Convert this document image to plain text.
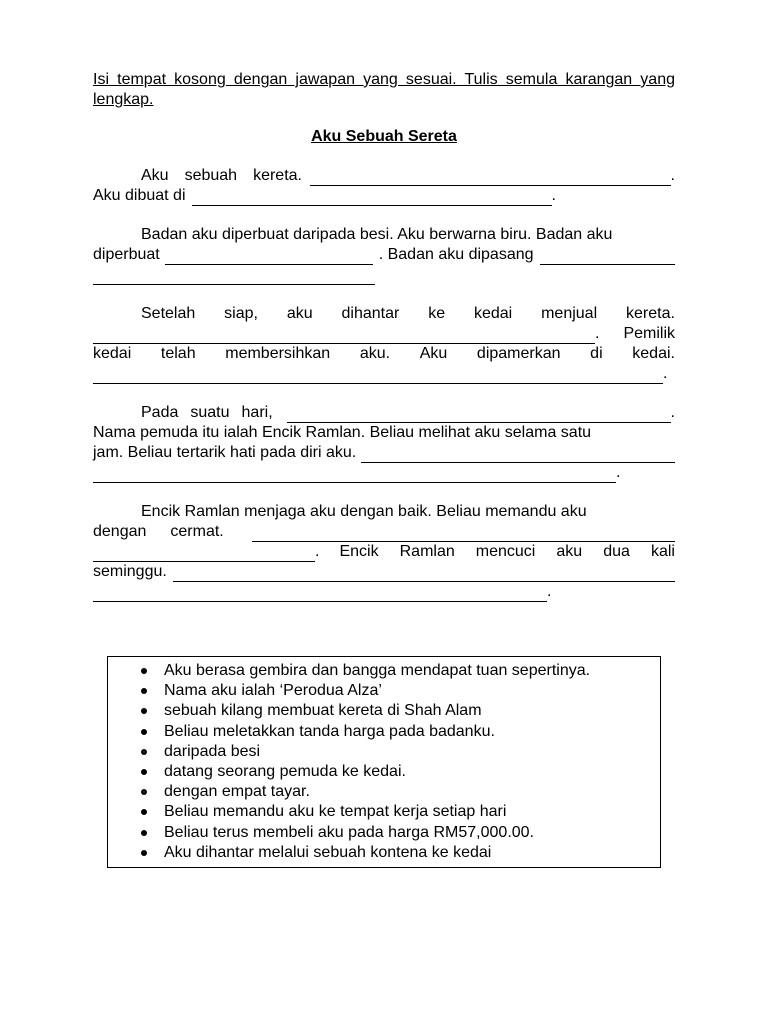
Isi tempat kosong dengan jawapan yang sesuai. Tulis semula karangan yang lengkap.

Aku Sebuah Sereta
Aku sebuah kereta.	.
Aku dibuat di	.
Badan aku diperbuat daripada besi. Aku berwarna biru. Badan aku
diperbuat	. Badan aku dipasang
Setelah siap, aku dihantar ke kedai menjual kereta.
. Pemilik
kedai telah membersihkan aku. Aku dipamerkan di kedai.
.
Pada suatu hari,	.
Nama pemuda itu ialah Encik Ramlan. Beliau melihat aku selama satu
jam. Beliau tertarik hati pada diri aku.
.
Encik Ramlan menjaga aku dengan baik. Beliau memandu aku
dengan cermat.
. Encik Ramlan mencuci aku dua kali
seminggu.
.
Aku berasa gembira dan bangga mendapat tuan sepertinya.
Nama aku ialah ‘Perodua Alza’
sebuah kilang membuat kereta di Shah Alam
Beliau meletakkan tanda harga pada badanku.
daripada besi
datang seorang pemuda ke kedai.
dengan empat tayar.
Beliau memandu aku ke tempat kerja setiap hari
Beliau terus membeli aku pada harga RM57,000.00.
Aku dihantar melalui sebuah kontena ke kedai
